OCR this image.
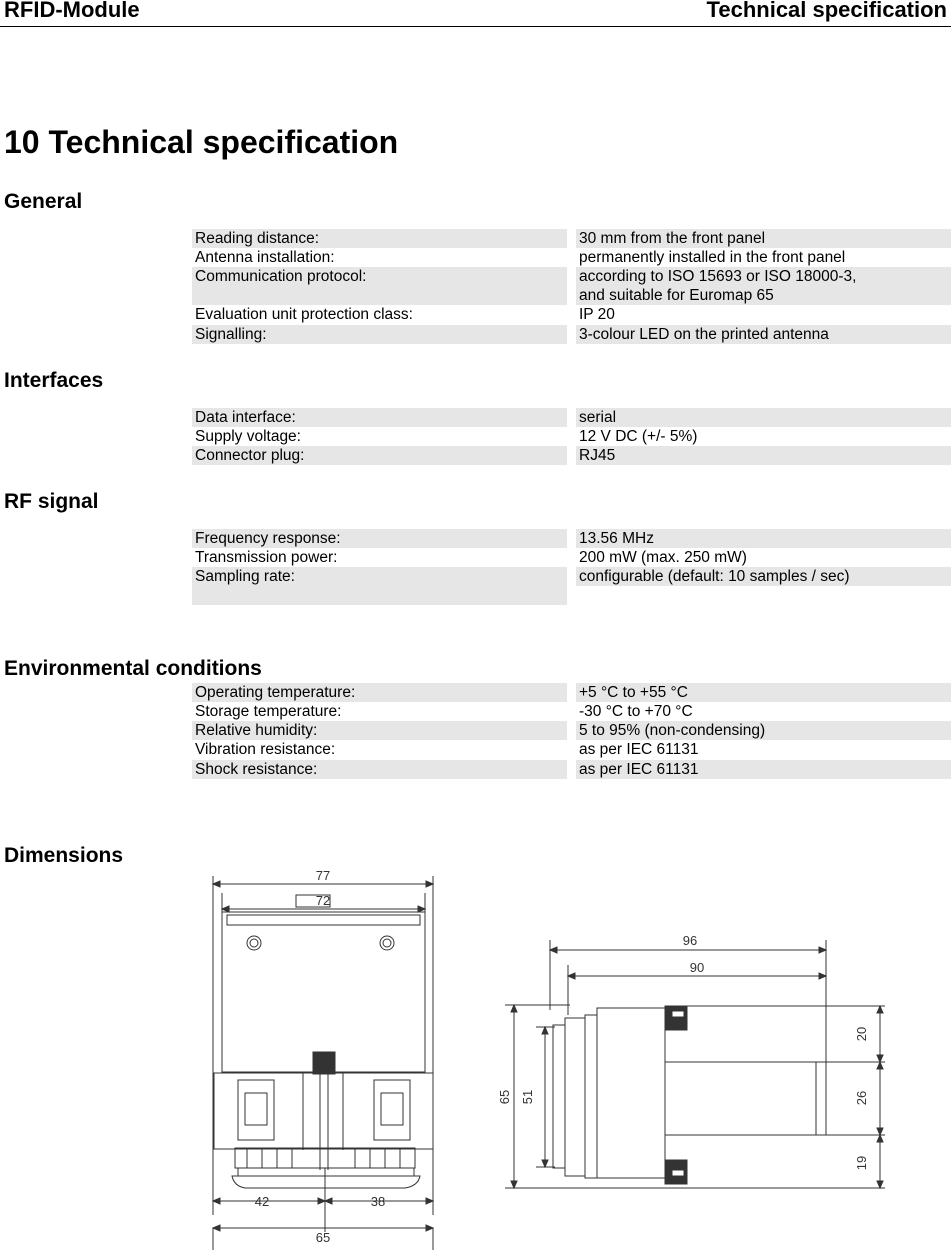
RFID-Module	Technical specification
10 Technical specification
General
Reading distance:	30 mm from the front panel
Antenna installation:	permanently installed in the front panel
Communication protocol:	according to ISO 15693 or ISO 18000-3,
and suitable for Euromap 65
Evaluation unit protection class:	IP 20
Signalling:	3-colour LED on the printed antenna
Interfaces
Data interface:	serial
Supply voltage:	12 V DC (+/- 5%)
Connector plug:	RJ45
RF signal
Frequency response:	13.56 MHz
Transmission power:	200 mW (max. 250 mW)
Sampling rate:	configurable (default: 10 samples / sec)
Environmental conditions
Operating temperature:	+5 °C to +55 °C
Storage temperature:	-30 °C to +70 °C
Relative humidity:	5 to 95% (non-condensing)
Vibration resistance:	as per IEC 61131
Shock resistance:	as per IEC 61131
Dimensions
77
72
42	38
65
96
90
65 51
20
26
19
